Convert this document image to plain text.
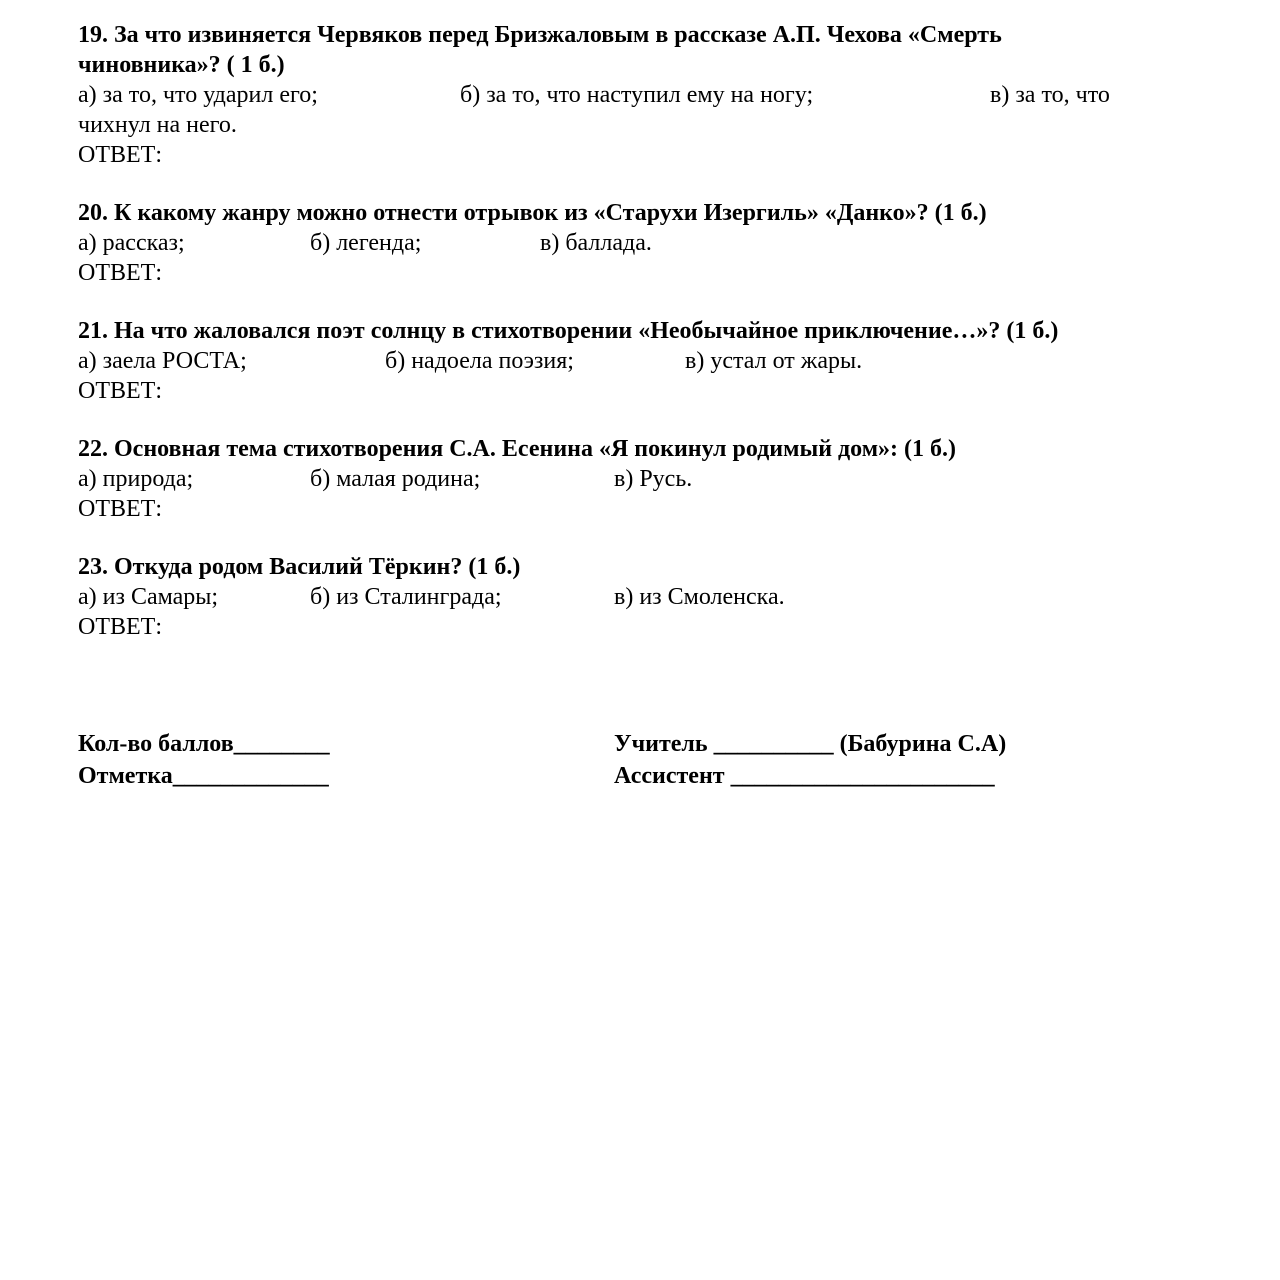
19. За что извиняется Червяков перед Бризжаловым в рассказе А.П. Чехова «Смерть чиновника»? ( 1 б.)

а) за то, что ударил его;	б) за то, что наступил ему на ногу;	в) за то, что чихнул на него.

ОТВЕТ:

20. К какому жанру можно отнести отрывок из «Старухи Изергиль» «Данко»? (1 б.)

а) рассказ;	б) легенда;	в) баллада.

ОТВЕТ:

21. На что жаловался поэт солнцу в стихотворении «Необычайное приключение…»? (1 б.)

а) заела РОСТА;	б) надоела поэзия;	в) устал от жары.

ОТВЕТ:

22. Основная тема стихотворения С.А. Есенина «Я покинул родимый дом»: (1 б.)

а) природа;	б) малая родина;	в) Русь.

ОТВЕТ:

23. Откуда родом Василий Тёркин? (1 б.)

а) из Самары;	б) из Сталинграда;	в) из Смоленска.

ОТВЕТ:

Кол-во баллов________

Отметка_____________

Учитель __________ (Бабурина С.А)

Ассистент ______________________
